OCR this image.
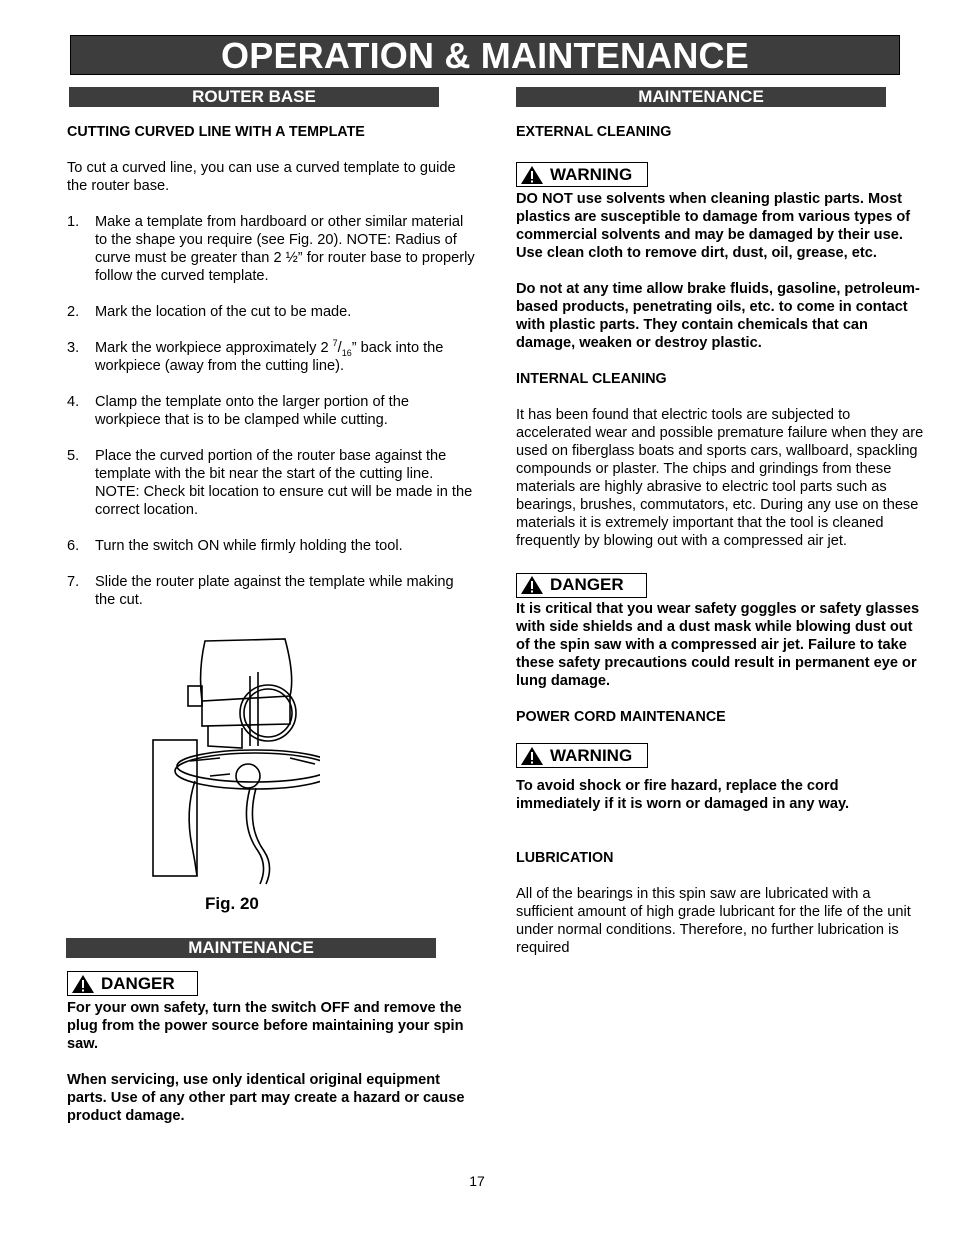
OPERATION & MAINTENANCE
ROUTER BASE

CUTTING CURVED LINE WITH A TEMPLATE

To cut a curved line, you can use a curved template to guide the router base.

1. Make a template from hardboard or other similar material to the shape you require (see Fig. 20). NOTE: Radius of curve must be greater than 2 ½” for router base to properly follow the curved template.
2. Mark the location of the cut to be made.
3. Mark the workpiece approximately 2 $^7/_{16}$” back into the workpiece (away from the cutting line).
4. Clamp the template onto the larger portion of the workpiece that is to be clamped while cutting.
5. Place the curved portion of the router base against the template with the bit near the start of the cutting line. NOTE: Check bit location to ensure cut will be made in the correct location.
6. Turn the switch ON while firmly holding the tool.
7. Slide the router plate against the template while making the cut.
Fig. 20
MAINTENANCE
DANGER

For your own safety, turn the switch OFF and remove the plug from the power source before maintaining your spin saw.

When servicing, use only identical original equipment parts. Use of any other part may create a hazard or cause product damage.

MAINTENANCE

EXTERNAL CLEANING

WARNING

DO NOT use solvents when cleaning plastic parts. Most plastics are susceptible to damage from various types of commercial solvents and may be damaged by their use. Use clean cloth to remove dirt, dust, oil, grease, etc.

Do not at any time allow brake fluids, gasoline, petroleum-based products, penetrating oils, etc. to come in contact with plastic parts. They contain chemicals that can damage, weaken or destroy plastic.

INTERNAL CLEANING

It has been found that electric tools are subjected to accelerated wear and possible premature failure when they are used on fiberglass boats and sports cars, wallboard, spackling compounds or plaster. The chips and grindings from these materials are highly abrasive to electric tool parts such as bearings, brushes, commutators, etc. During any use on these materials it is extremely important that the tool is cleaned frequently by blowing out with a compressed air jet.

DANGER

It is critical that you wear safety goggles or safety glasses with side shields and a dust mask while blowing dust out of the spin saw with a compressed air jet. Failure to take these safety precautions could result in permanent eye or lung damage.

POWER CORD MAINTENANCE

WARNING

To avoid shock or fire hazard, replace the cord immediately if it is worn or damaged in any way.

LUBRICATION

All of the bearings in this spin saw are lubricated with a sufficient amount of high grade lubricant for the life of the unit under normal conditions. Therefore, no further lubrication is required

17
